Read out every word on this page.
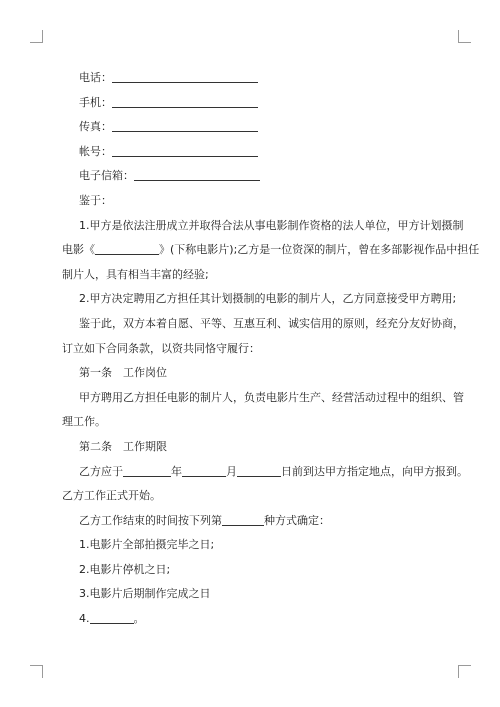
电话：
手机：
传真：
帐号：
电子信箱：
鉴于：
1.甲方是依法注册成立并取得合法从事电影制作资格的法人单位，甲方计划摄制
电影《	》(下称电影片);乙方是一位资深的制片，曾在多部影视作品中担任
制片人，具有相当丰富的经验;
2.甲方决定聘用乙方担任其计划摄制的电影的制片人，乙方同意接受甲方聘用;
鉴于此，双方本着自愿、平等、互惠互利、诚实信用的原则，经充分友好协商，
订立如下合同条款，以资共同恪守履行：
第一条　工作岗位
甲方聘用乙方担任电影的制片人，负责电影片生产、经营活动过程中的组织、管
理工作。
第二条　工作期限
乙方应于	年	月	日前到达甲方指定地点，向甲方报到。
乙方工作正式开始。
乙方工作结束的时间按下列第	种方式确定：
1.电影片全部拍摄完毕之日;
2.电影片停机之日;
3.电影片后期制作完成之日
4.	。
